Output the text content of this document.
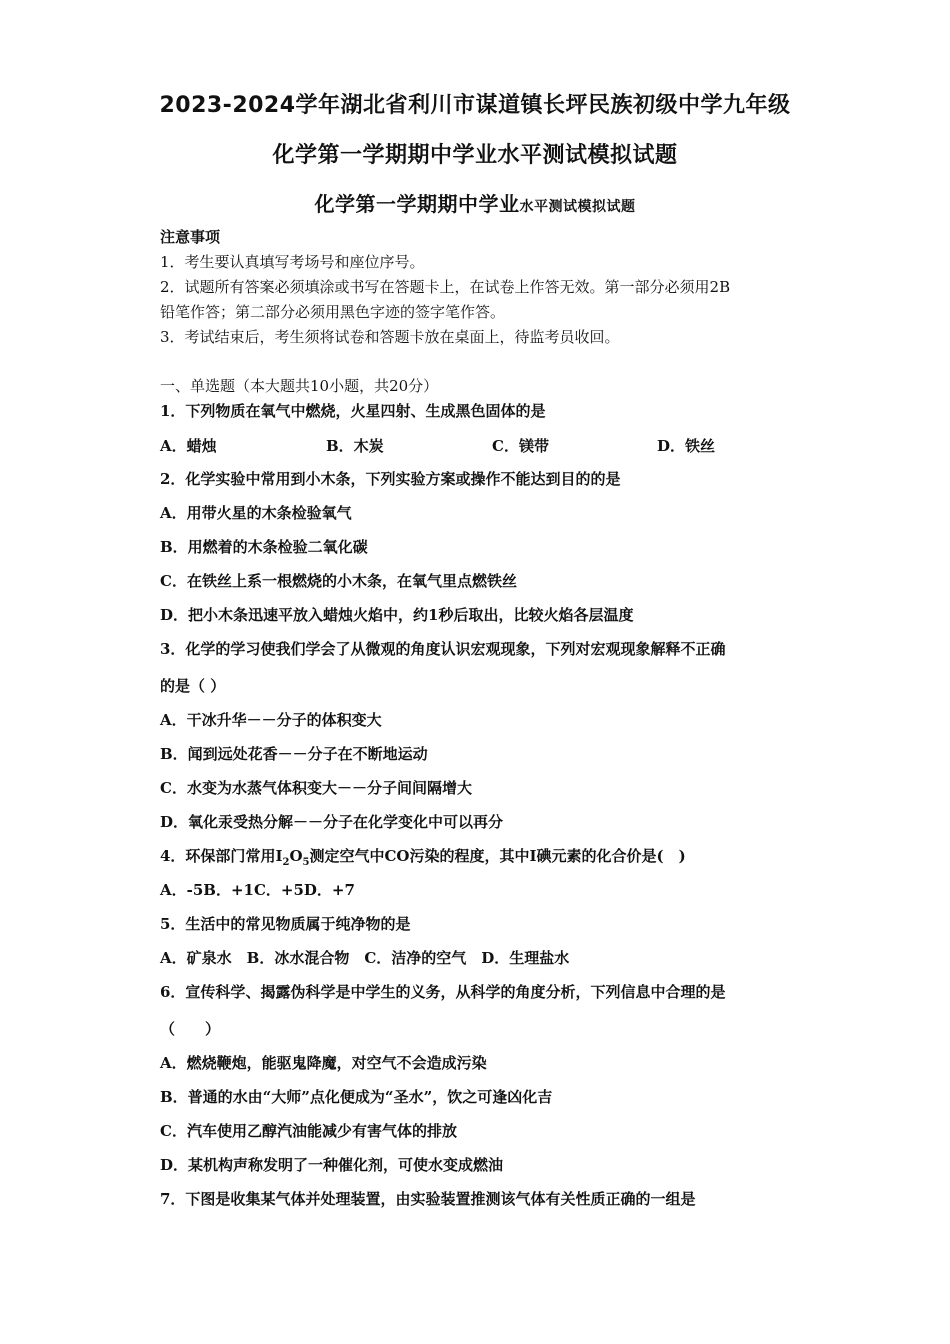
2023-2024学年湖北省利川市谋道镇长坪民族初级中学九年级
化学第一学期期中学业水平测试模拟试题
化学第一学期期中学业水平测试模拟试题
注意事项
1．考生要认真填写考场号和座位序号。
2．试题所有答案必须填涂或书写在答题卡上，在试卷上作答无效。第一部分必须用2B
铅笔作答；第二部分必须用黑色字迹的签字笔作答。
3．考试结束后，考生须将试卷和答题卡放在桌面上，待监考员收回。
一、单选题（本大题共10小题，共20分）
1．下列物质在氧气中燃烧，火星四射、生成黑色固体的是
A．蜡烛	B．木炭	C．镁带	D．铁丝
2．化学实验中常用到小木条，下列实验方案或操作不能达到目的的是
A．用带火星的木条检验氧气
B．用燃着的木条检验二氧化碳
C．在铁丝上系一根燃烧的小木条，在氧气里点燃铁丝
D．把小木条迅速平放入蜡烛火焰中，约1秒后取出，比较火焰各层温度
3．化学的学习使我们学会了从微观的角度认识宏观现象，下列对宏观现象解释不正确
的是（ ）
A．干冰升华－－分子的体积变大
B．闻到远处花香－－分子在不断地运动
C．水变为水蒸气体积变大－－分子间间隔增大
D．氧化汞受热分解－－分子在化学变化中可以再分
4．环保部门常用$I_2O_5$测定空气中CO污染的程度，其中I碘元素的化合价是(　)
A．-5B．+1C．+5D．+7
5．生活中的常见物质属于纯净物的是
A．矿泉水　B．冰水混合物　C．洁净的空气　D．生理盐水
6．宣传科学、揭露伪科学是中学生的义务，从科学的角度分析，下列信息中合理的是
（　　）
A．燃烧鞭炮，能驱鬼降魔，对空气不会造成污染
B．普通的水由“大师”点化便成为“圣水”，饮之可逢凶化吉
C．汽车使用乙醇汽油能减少有害气体的排放
D．某机构声称发明了一种催化剂，可使水变成燃油
7．下图是收集某气体并处理装置，由实验装置推测该气体有关性质正确的一组是
